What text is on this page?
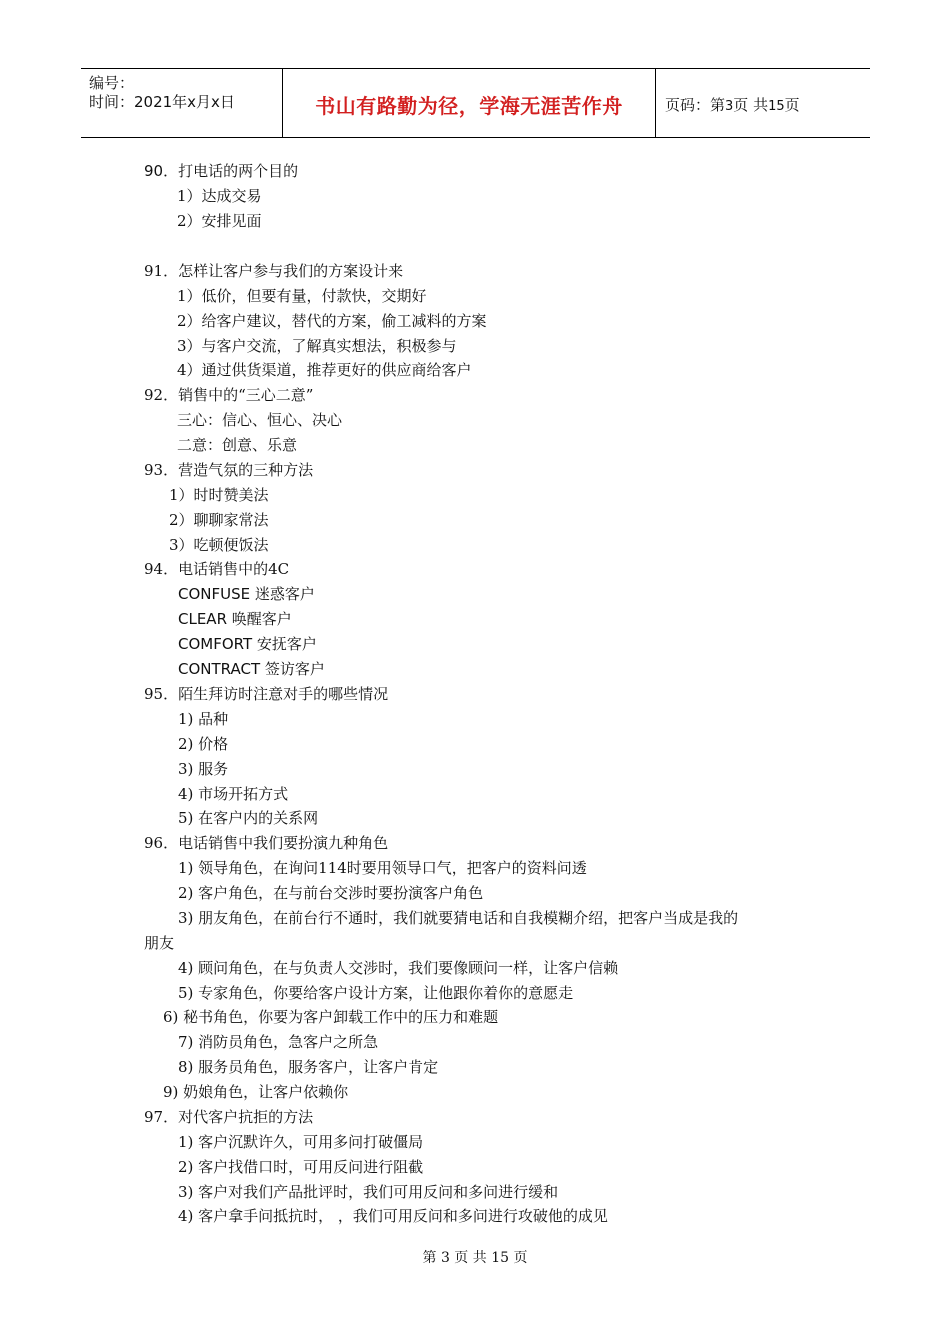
编号：
时间：2021年x月x日	书山有路勤为径，学海无涯苦作舟	页码：第3页 共15页
90．打电话的两个目的
1）达成交易
2）安排见面
91．怎样让客户参与我们的方案设计来
1）低价，但要有量，付款快，交期好
2）给客户建议，替代的方案，偷工减料的方案
3）与客户交流，了解真实想法，积极参与
4）通过供货渠道，推荐更好的供应商给客户
92．销售中的“三心二意”
三心：信心、恒心、决心
二意：创意、乐意
93．营造气氛的三种方法
1）时时赞美法
2）聊聊家常法
3）吃顿便饭法
94．电话销售中的4C
CONFUSE 迷惑客户
CLEAR 唤醒客户
COMFORT 安抚客户
CONTRACT 签访客户
95．陌生拜访时注意对手的哪些情况
1) 品种
2) 价格
3) 服务
4) 市场开拓方式
5) 在客户内的关系网
96．电话销售中我们要扮演九种角色
1) 领导角色，在询问114时要用领导口气，把客户的资料问透
2) 客户角色，在与前台交涉时要扮演客户角色
3) 朋友角色，在前台行不通时，我们就要猜电话和自我模糊介绍，把客户当成是我的
朋友
4) 顾问角色，在与负责人交涉时，我们要像顾问一样，让客户信赖
5) 专家角色，你要给客户设计方案，让他跟你着你的意愿走
6) 秘书角色，你要为客户卸载工作中的压力和难题
7) 消防员角色，急客户之所急
8) 服务员角色，服务客户，让客户肯定
9) 奶娘角色，让客户依赖你
97．对代客户抗拒的方法
1) 客户沉默许久，可用多问打破僵局
2) 客户找借口时，可用反问进行阻截
3) 客户对我们产品批评时，我们可用反问和多问进行缓和
4) 客户拿手问抵抗时， ，我们可用反问和多问进行攻破他的成见
第 3 页 共 15 页
